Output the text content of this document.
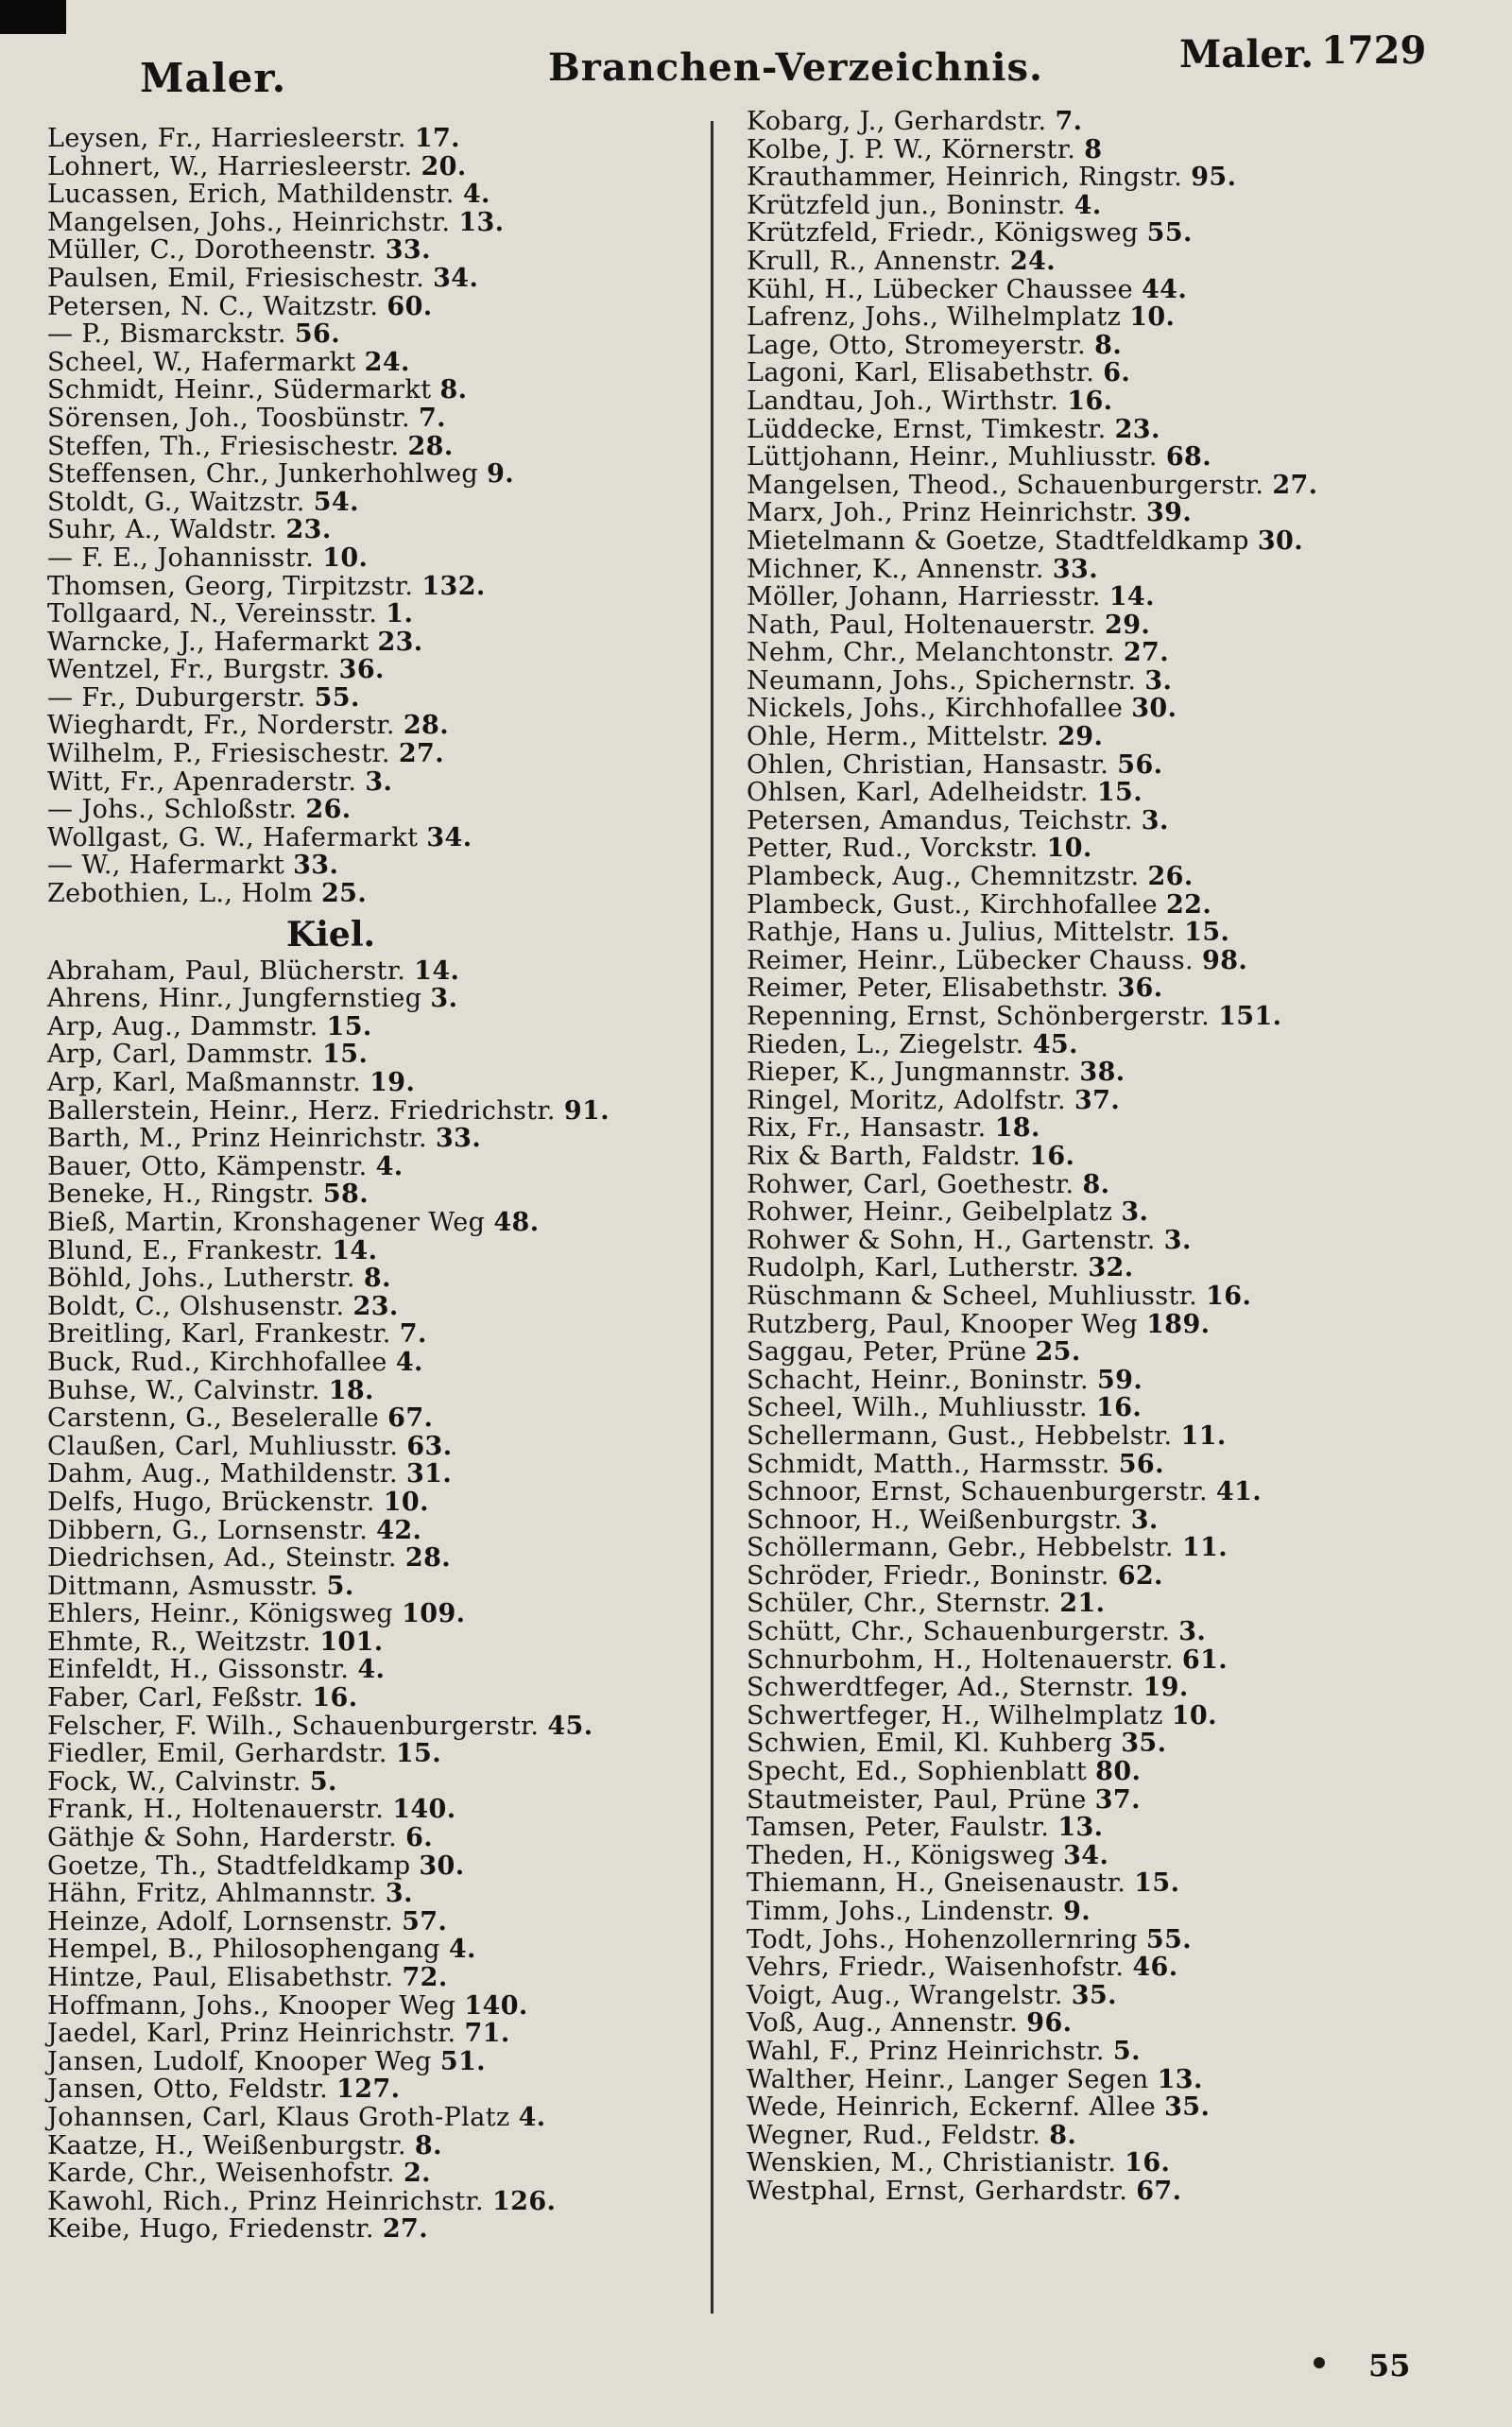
Maler.	Branchen-Verzeichnis.	Maler. 1729
Leysen, Fr., Harriesleerstr. 17.
Lohnert, W., Harriesleerstr. 20.
Lucassen, Erich, Mathildenstr. 4.
Mangelsen, Johs., Heinrichstr. 13.
Müller, C., Dorotheenstr. 33.
Paulsen, Emil, Friesischestr. 34.
Petersen, N. C., Waitzstr. 60.
— P., Bismarckstr. 56.
Scheel, W., Hafermarkt 24.
Schmidt, Heinr., Südermarkt 8.
Sörensen, Joh., Toosbünstr. 7.
Steffen, Th., Friesischestr. 28.
Steffensen, Chr., Junkerhohlweg 9.
Stoldt, G., Waitzstr. 54.
Suhr, A., Waldstr. 23.
— F. E., Johannisstr. 10.
Thomsen, Georg, Tirpitzstr. 132.
Tollgaard, N., Vereinsstr. 1.
Warncke, J., Hafermarkt 23.
Wentzel, Fr., Burgstr. 36.
— Fr., Duburgerstr. 55.
Wieghardt, Fr., Norderstr. 28.
Wilhelm, P., Friesischestr. 27.
Witt, Fr., Apenraderstr. 3.
— Johs., Schloßstr. 26.
Wollgast, G. W., Hafermarkt 34.
— W., Hafermarkt 33.
Zebothien, L., Holm 25.
Kiel.
Abraham, Paul, Blücherstr. 14.
Ahrens, Hinr., Jungfernstieg 3.
Arp, Aug., Dammstr. 15.
Arp, Carl, Dammstr. 15.
Arp, Karl, Maßmannstr. 19.
Ballerstein, Heinr., Herz. Friedrichstr. 91.
Barth, M., Prinz Heinrichstr. 33.
Bauer, Otto, Kämpenstr. 4.
Beneke, H., Ringstr. 58.
Bieß, Martin, Kronshagener Weg 48.
Blund, E., Frankestr. 14.
Böhld, Johs., Lutherstr. 8.
Boldt, C., Olshusenstr. 23.
Breitling, Karl, Frankestr. 7.
Buck, Rud., Kirchhofallee 4.
Buhse, W., Calvinstr. 18.
Carstenn, G., Beseleralle 67.
Claußen, Carl, Muhliusstr. 63.
Dahm, Aug., Mathildenstr. 31.
Delfs, Hugo, Brückenstr. 10.
Dibbern, G., Lornsenstr. 42.
Diedrichsen, Ad., Steinstr. 28.
Dittmann, Asmusstr. 5.
Ehlers, Heinr., Königsweg 109.
Ehmte, R., Weitzstr. 101.
Einfeldt, H., Gissonstr. 4.
Faber, Carl, Feßstr. 16.
Felscher, F. Wilh., Schauenburgerstr. 45.
Fiedler, Emil, Gerhardstr. 15.
Fock, W., Calvinstr. 5.
Frank, H., Holtenauerstr. 140.
Gäthje & Sohn, Harderstr. 6.
Goetze, Th., Stadtfeldkamp 30.
Hähn, Fritz, Ahlmannstr. 3.
Heinze, Adolf, Lornsenstr. 57.
Hempel, B., Philosophengang 4.
Hintze, Paul, Elisabethstr. 72.
Hoffmann, Johs., Knooper Weg 140.
Jaedel, Karl, Prinz Heinrichstr. 71.
Jansen, Ludolf, Knooper Weg 51.
Jansen, Otto, Feldstr. 127.
Johannsen, Carl, Klaus Groth-Platz 4.
Kaatze, H., Weißenburgstr. 8.
Karde, Chr., Weisenhofstr. 2.
Kawohl, Rich., Prinz Heinrichstr. 126.
Keibe, Hugo, Friedenstr. 27.
Kobarg, J., Gerhardstr. 7.
Kolbe, J. P. W., Körnerstr. 8
Krauthammer, Heinrich, Ringstr. 95.
Krützfeld jun., Boninstr. 4.
Krützfeld, Friedr., Königsweg 55.
Krull, R., Annenstr. 24.
Kühl, H., Lübecker Chaussee 44.
Lafrenz, Johs., Wilhelmplatz 10.
Lage, Otto, Stromeyerstr. 8.
Lagoni, Karl, Elisabethstr. 6.
Landtau, Joh., Wirthstr. 16.
Lüddecke, Ernst, Timkestr. 23.
Lüttjohann, Heinr., Muhliusstr. 68.
Mangelsen, Theod., Schauenburgerstr. 27.
Marx, Joh., Prinz Heinrichstr. 39.
Mietelmann & Goetze, Stadtfeldkamp 30.
Michner, K., Annenstr. 33.
Möller, Johann, Harriesstr. 14.
Nath, Paul, Holtenauerstr. 29.
Nehm, Chr., Melanchtonstr. 27.
Neumann, Johs., Spichernstr. 3.
Nickels, Johs., Kirchhofallee 30.
Ohle, Herm., Mittelstr. 29.
Ohlen, Christian, Hansastr. 56.
Ohlsen, Karl, Adelheidstr. 15.
Petersen, Amandus, Teichstr. 3.
Petter, Rud., Vorckstr. 10.
Plambeck, Aug., Chemnitzstr. 26.
Plambeck, Gust., Kirchhofallee 22.
Rathje, Hans u. Julius, Mittelstr. 15.
Reimer, Heinr., Lübecker Chauss. 98.
Reimer, Peter, Elisabethstr. 36.
Repenning, Ernst, Schönbergerstr. 151.
Rieden, L., Ziegelstr. 45.
Rieper, K., Jungmannstr. 38.
Ringel, Moritz, Adolfstr. 37.
Rix, Fr., Hansastr. 18.
Rix & Barth, Faldstr. 16.
Rohwer, Carl, Goethestr. 8.
Rohwer, Heinr., Geibelplatz 3.
Rohwer & Sohn, H., Gartenstr. 3.
Rudolph, Karl, Lutherstr. 32.
Rüschmann & Scheel, Muhliusstr. 16.
Rutzberg, Paul, Knooper Weg 189.
Saggau, Peter, Prüne 25.
Schacht, Heinr., Boninstr. 59.
Scheel, Wilh., Muhliusstr. 16.
Schellermann, Gust., Hebbelstr. 11.
Schmidt, Matth., Harmsstr. 56.
Schnoor, Ernst, Schauenburgerstr. 41.
Schnoor, H., Weißenburgstr. 3.
Schöllermann, Gebr., Hebbelstr. 11.
Schröder, Friedr., Boninstr. 62.
Schüler, Chr., Sternstr. 21.
Schütt, Chr., Schauenburgerstr. 3.
Schnurbohm, H., Holtenauerstr. 61.
Schwerdtfeger, Ad., Sternstr. 19.
Schwertfeger, H., Wilhelmplatz 10.
Schwien, Emil, Kl. Kuhberg 35.
Specht, Ed., Sophienblatt 80.
Stautmeister, Paul, Prüne 37.
Tamsen, Peter, Faulstr. 13.
Theden, H., Königsweg 34.
Thiemann, H., Gneisenaustr. 15.
Timm, Johs., Lindenstr. 9.
Todt, Johs., Hohenzollernring 55.
Vehrs, Friedr., Waisenhofstr. 46.
Voigt, Aug., Wrangelstr. 35.
Voß, Aug., Annenstr. 96.
Wahl, F., Prinz Heinrichstr. 5.
Walther, Heinr., Langer Segen 13.
Wede, Heinrich, Eckernf. Allee 35.
Wegner, Rud., Feldstr. 8.
Wenskien, M., Christianistr. 16.
Westphal, Ernst, Gerhardstr. 67.
55
